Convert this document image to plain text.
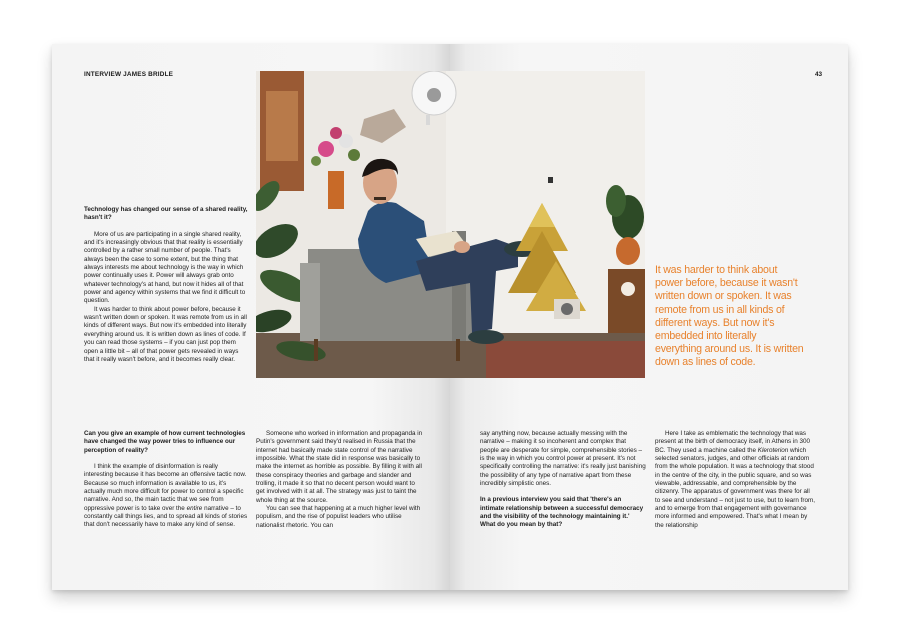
INTERVIEW JAMES BRIDLE	43

Technology has changed our sense of a shared reality, hasn't it?

More of us are participating in a single shared reality, and it's increasingly obvious that that reality is essentially controlled by a rather small number of people. That's always been the case to some extent, but the thing that always interests me about technology is the way in which power continually uses it. Power will always grab onto whatever technology's at hand, but now it hides all of that power and agency within systems that we find it difficult to question.

It was harder to think about power before, because it wasn't written down or spoken. It was remote from us in all kinds of different ways. But now it's embedded into literally everything around us. It is written down as lines of code. If you can read those systems – if you can just pop them open a little bit – all of that power gets revealed in ways that it really wasn't before, and it becomes really clear.

Can you give an example of how current technologies have changed the way power tries to influence our perception of reality?

I think the example of disinformation is really interesting because it has become an offensive tactic now. Because so much information is available to us, it's actually much more difficult for power to control a specific narrative. And so, the main tactic that we see from oppressive power is to take over the entire narrative – to constantly call things lies, and to spread all kinds of stories that don't necessarily have to make any kind of sense.

Someone who worked in information and propaganda in Putin's government said they'd realised in Russia that the internet had basically made state control of the narrative impossible. What the state did in response was basically to make the internet as horrible as possible. By filling it with all these conspiracy theories and garbage and slander and trolling, it made it so that no decent person would want to get involved with it at all. The strategy was just to taint the whole thing at the source.

You can see that happening at a much higher level with populism, and the rise of populist leaders who utilise nationalist rhetoric. You can

say anything now, because actually messing with the narrative – making it so incoherent and complex that people are desperate for simple, comprehensible stories – is the way in which you control power at present. It's not specifically controlling the narrative: it's really just banishing the possibility of any type of narrative apart from these incredibly simplistic ones.

In a previous interview you said that 'there's an intimate relationship between a successful democracy and the visibility of the technology maintaining it.' What do you mean by that?

Here I take as emblematic the technology that was present at the birth of democracy itself, in Athens in 300 BC. They used a machine called the Kleroterion which selected senators, judges, and other officials at random from the whole population. It was a technology that stood in the centre of the city, in the public square, and so was viewable, addressable, and comprehensible by the citizenry. The apparatus of government was there for all to see and understand – not just to use, but to learn from, and to emerge from that engagement with governance more informed and empowered. That's what I mean by the relationship

It was harder to think about power before, because it wasn't written down or spoken. It was remote from us in all kinds of different ways. But now it's embedded into literally everything around us. It is written down as lines of code.
